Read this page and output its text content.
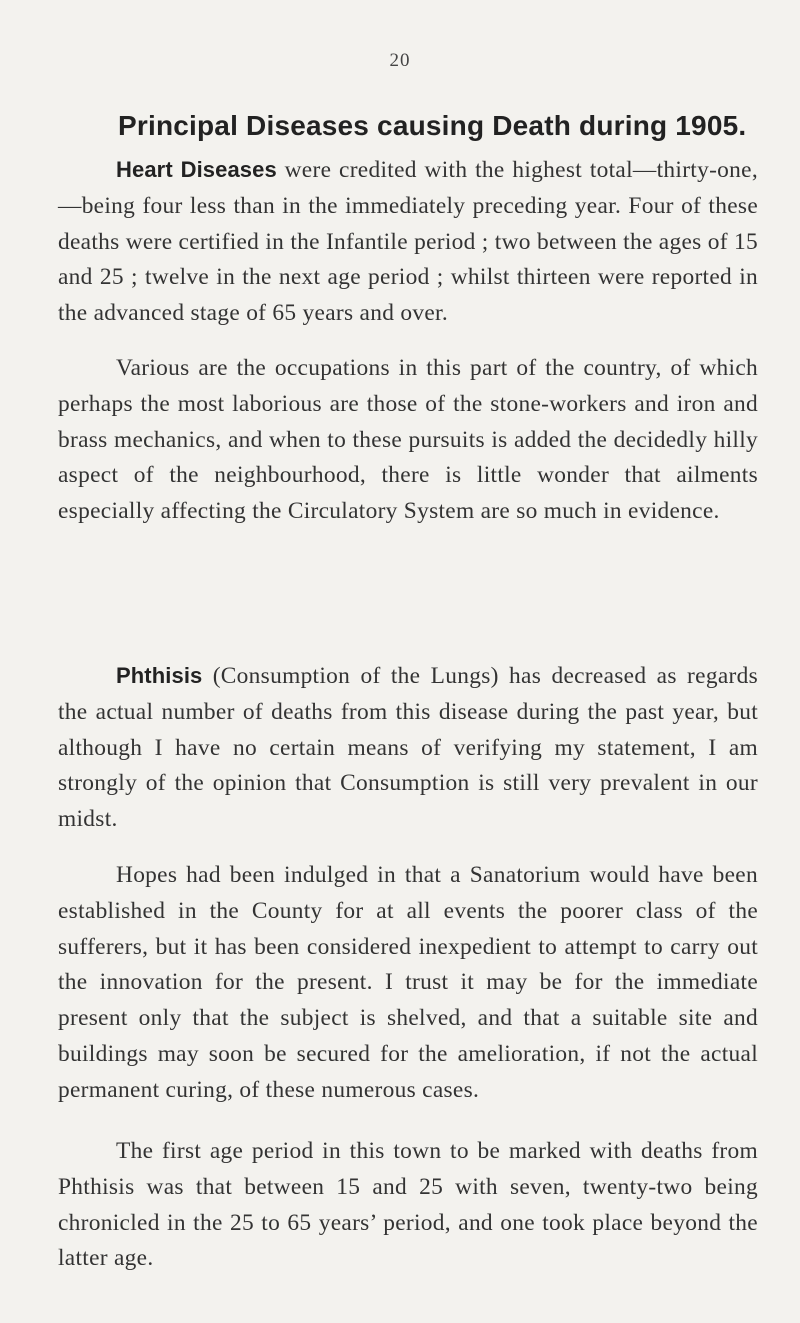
20
Principal Diseases causing Death during 1905.

Heart Diseases were credited with the highest total—thirty-one,—being four less than in the immediately preceding year. Four of these deaths were certified in the Infantile period ; two between the ages of 15 and 25 ; twelve in the next age period ; whilst thirteen were reported in the advanced stage of 65 years and over.

Various are the occupations in this part of the country, of which perhaps the most laborious are those of the stone-workers and iron and brass mechanics, and when to these pursuits is added the decidedly hilly aspect of the neighbourhood, there is little wonder that ailments especially affecting the Circulatory System are so much in evidence.

Phthisis (Consumption of the Lungs) has decreased as regards the actual number of deaths from this disease during the past year, but although I have no certain means of verifying my statement, I am strongly of the opinion that Consumption is still very prevalent in our midst.

Hopes had been indulged in that a Sanatorium would have been established in the County for at all events the poorer class of the sufferers, but it has been considered inexpedient to attempt to carry out the innovation for the present. I trust it may be for the immediate present only that the subject is shelved, and that a suitable site and buildings may soon be secured for the amelioration, if not the actual permanent curing, of these numerous cases.

The first age period in this town to be marked with deaths from Phthisis was that between 15 and 25 with seven, twenty-two being chronicled in the 25 to 65 years’ period, and one took place beyond the latter age.
